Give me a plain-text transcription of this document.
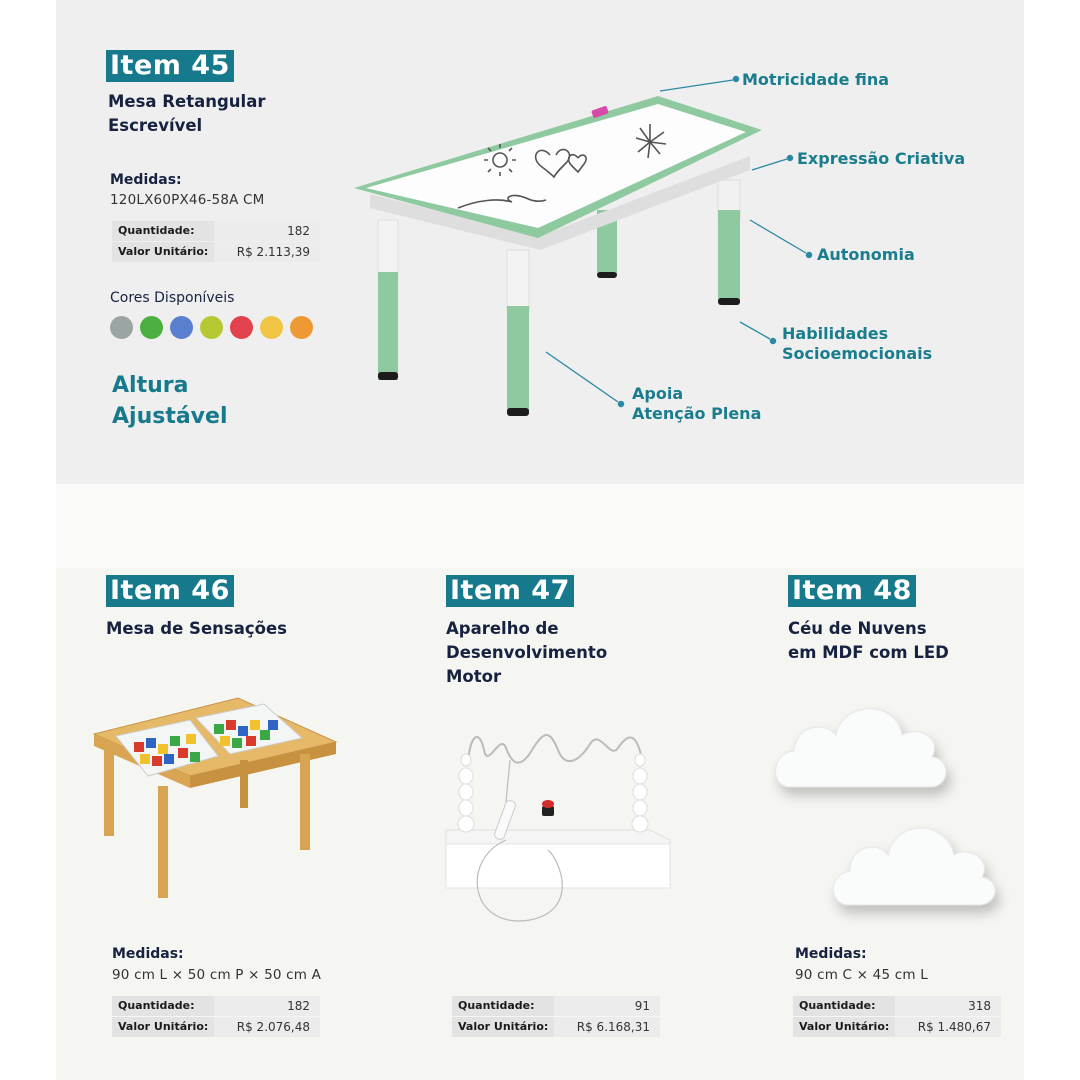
Item 45
Mesa Retangular
Escrevível
Medidas:
120LX60PX46-58A CM
Quantidade:	182
Valor Unitário:	R$ 2.113,39
Cores Disponíveis
Altura
Ajustável
Motricidade fina
Expressão Criativa
Autonomia
Habilidades
Socioemocionais
Apoia
Atenção Plena
Item 46
Mesa de Sensações
Medidas:
90 cm L × 50 cm P × 50 cm A
Quantidade:	182
Valor Unitário:	R$ 2.076,48
Item 47
Aparelho de
Desenvolvimento
Motor
Quantidade:	91
Valor Unitário:	R$ 6.168,31
Item 48
Céu de Nuvens
em MDF com LED
Medidas:
90 cm C × 45 cm L
Quantidade:	318
Valor Unitário:	R$ 1.480,67
